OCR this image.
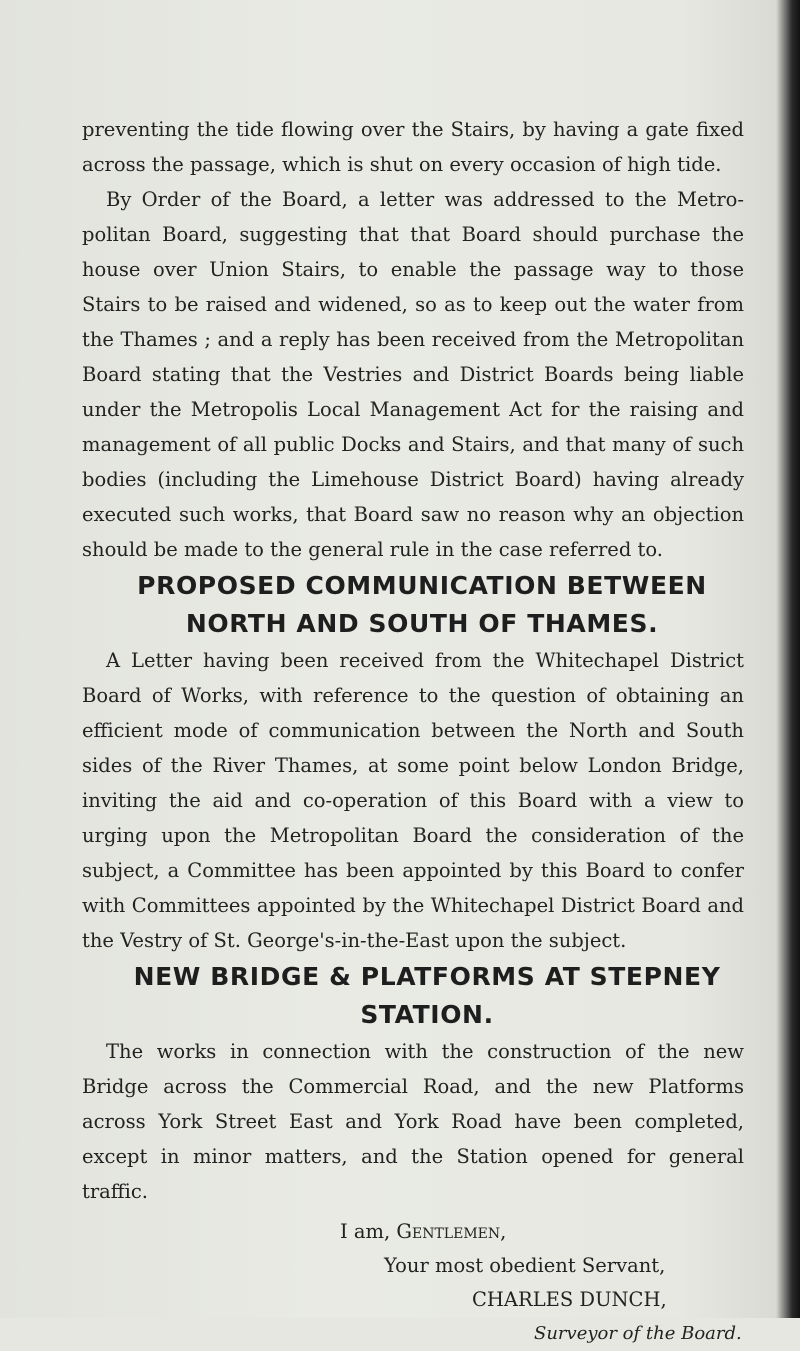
preventing the tide flowing over the Stairs, by having a gate fixed across the passage, which is shut on every occasion of high tide.

By Order of the Board, a letter was addressed to the Metro-politan Board, suggesting that that Board should purchase the house over Union Stairs, to enable the passage way to those Stairs to be raised and widened, so as to keep out the water from the Thames ; and a reply has been received from the Metropolitan Board stating that the Vestries and District Boards being liable under the Metropolis Local Management Act for the raising and management of all public Docks and Stairs, and that many of such bodies (including the Limehouse District Board) having already executed such works, that Board saw no reason why an objection should be made to the general rule in the case referred to.

PROPOSED COMMUNICATION BETWEEN
NORTH AND SOUTH OF THAMES.

A Letter having been received from the Whitechapel District Board of Works, with reference to the question of obtaining an efficient mode of communication between the North and South sides of the River Thames, at some point below London Bridge, inviting the aid and co-operation of this Board with a view to urging upon the Metropolitan Board the consideration of the subject, a Committee has been appointed by this Board to confer with Committees appointed by the Whitechapel District Board and the Vestry of St. George's-in-the-East upon the subject.

NEW BRIDGE & PLATFORMS AT STEPNEY
STATION.

The works in connection with the construction of the new Bridge across the Commercial Road, and the new Platforms across York Street East and York Road have been completed, except in minor matters, and the Station opened for general traffic.

I am, Gentlemen,
Your most obedient Servant,
CHARLES DUNCH,
Surveyor of the Board.
